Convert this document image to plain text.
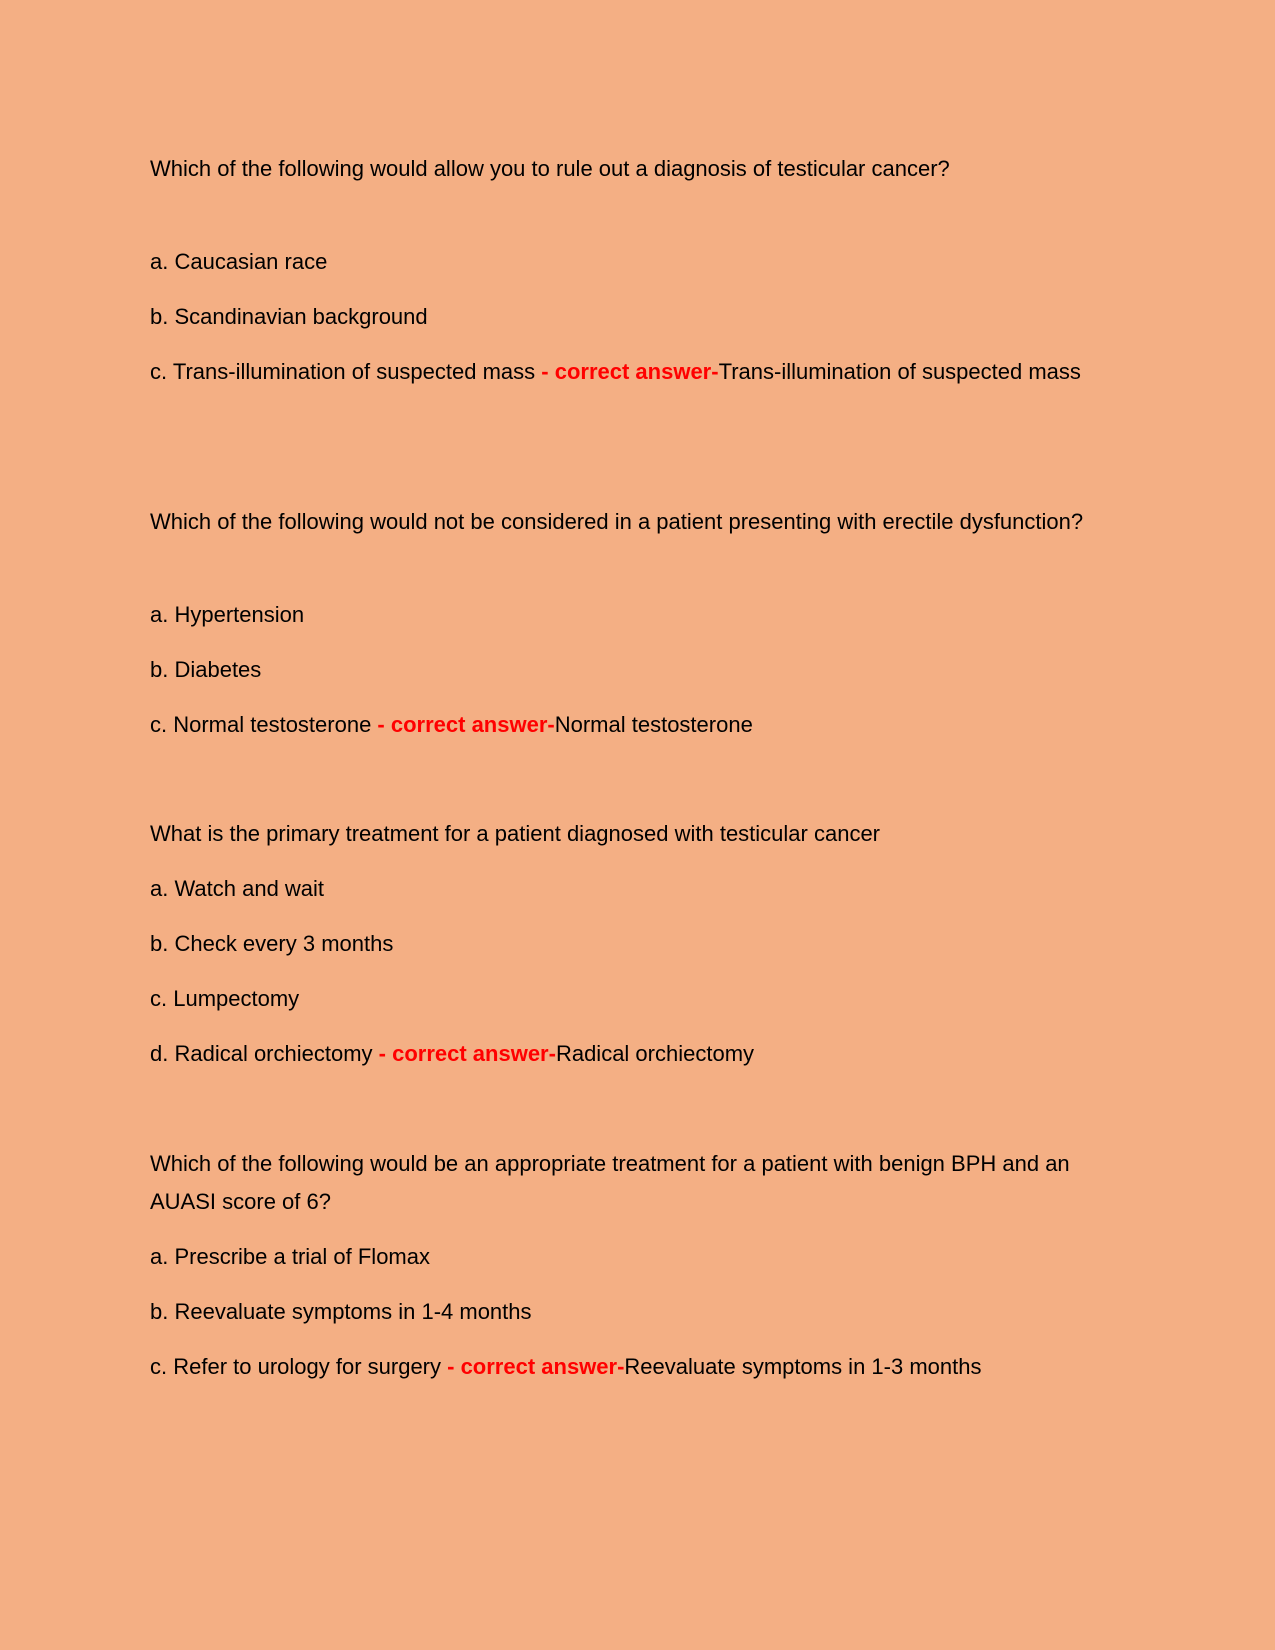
Which of the following would allow you to rule out a diagnosis of testicular cancer?

a. Caucasian race

b. Scandinavian background

c. Trans-illumination of suspected mass - correct answer-Trans-illumination of suspected mass

Which of the following would not be considered in a patient presenting with erectile dysfunction?

a. Hypertension

b. Diabetes

c. Normal testosterone - correct answer-Normal testosterone

What is the primary treatment for a patient diagnosed with testicular cancer

a. Watch and wait

b. Check every 3 months

c. Lumpectomy

d. Radical orchiectomy - correct answer-Radical orchiectomy

Which of the following would be an appropriate treatment for a patient with benign BPH and an AUASI score of 6?

a. Prescribe a trial of Flomax

b. Reevaluate symptoms in 1-4 months

c. Refer to urology for surgery - correct answer-Reevaluate symptoms in 1-3 months
